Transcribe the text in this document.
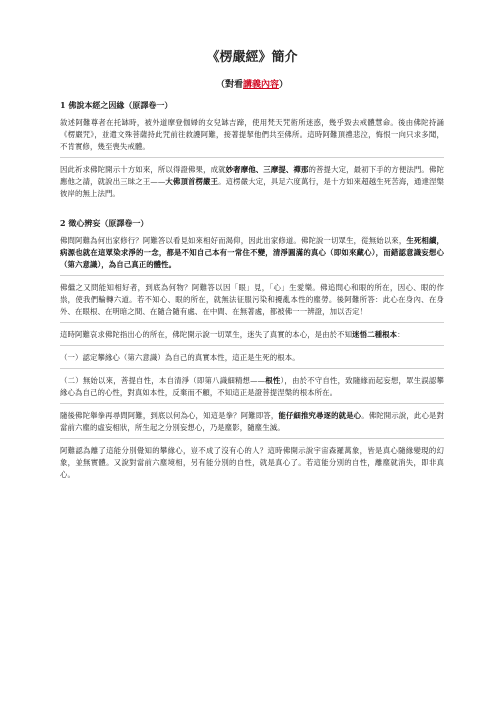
《楞嚴經》簡介
（對看講義內容）
1 佛說本經之因緣（原譯卷一）

敘述阿難尊者在托缽時，被外道摩登伽婦的女兒缽吉蹄，使用梵天咒術所迷惑，幾乎毀去戒體慧命。後由佛陀持誦《楞嚴咒》，並遣文殊菩薩持此咒前往救護阿難，接著提挈他們共至佛所。這時阿難頂禮悲泣，悔恨一向只求多聞，不肯實修，幾至喪失戒體。

因此祈求佛陀開示十方如來，所以得證佛果，成就妙奢摩他、三摩提、禪那的菩提大定，最初下手的方便法門。佛陀應他之請，就說出三昧之王——大佛頂首楞嚴王。這楞嚴大定，具足六度萬行，是十方如來超越生死苦海，通達涅槃彼岸的無上法門。

2 徵心辨妄（原譯卷一）

佛問阿難為何出家修行？阿難答以看見如來相好而渴仰，因此出家修道。佛陀說一切眾生，從無始以來，生死相續，病源也就在這眾染求淨的一念，都是不知自己本有一常住不變，清淨圓滿的真心（即如來藏心），而錯認意識妄想心（第六意識），為自己真正的體性。

佛繼之又問能知相好者，到底為何物？阿難答以因「眼」見，「心」生愛樂。佛追問心和眼的所在，因心、眼的作祟，使我們輪轉六道。若不知心、眼的所在，就無法征服污染和擾亂本性的塵勞。後阿難所答：此心在身內、在身外、在眼根、在明暗之間、在隨合隨有處、在中間、在無著處，都被佛一一辨證，加以否定！

這時阿難哀求佛陀指出心的所在，佛陀開示說一切眾生，迷失了真實的本心，是由於不知迷悟二種根本：

（一）認定攀緣心（第六意識）為自己的真實本性，這正是生死的根本。

（二）無始以來，菩提自性，本自清淨（即第八識細精想——根性），由於不守自性，致隨緣而起妄想，眾生誤認攀緣心為自己的心性，對真如本性，反棄而不顧，不知這正是證菩提涅槃的根本所在。

隨後佛陀舉拳再尋問阿難，到底以何為心，知這是拳？阿難即答，能仔細推究尋逐的就是心。佛陀開示說，此心是對當前六塵的虛妄相狀，所生起之分別妄想心，乃是塵影，隨塵生滅。

阿難認為離了這能分別覺知的攀緣心，豈不成了沒有心的人？這時佛開示說宇宙森羅萬象，皆是真心隨緣變現的幻象，並無實體。又說對當前六塵境相，另有能分別的自性，就是真心了。若這能分別的自性，離塵就消失，即非真心。
